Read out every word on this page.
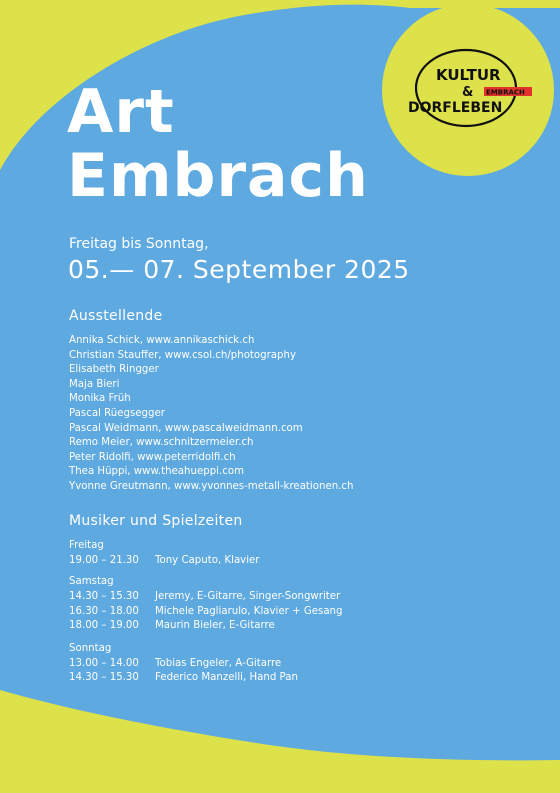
KULTUR
& EMBRACH
DORFLEBEN
Art
Embrach
Freitag bis Sonntag,
05.— 07. September 2025
Ausstellende
Annika Schick, www.annikaschick.ch
Christian Stauffer, www.csol.ch/photography
Elisabeth Ringger
Maja Bieri
Monika Früh
Pascal Rüegsegger
Pascal Weidmann, www.pascalweidmann.com
Remo Meier, www.schnitzermeier.ch
Peter Ridolfi, www.peterridolfi.ch
Thea Hüppi, www.theahueppi.com
Yvonne Greutmann, www.yvonnes-metall-kreationen.ch
Musiker und Spielzeiten
Freitag
19.00 – 21.30 Tony Caputo, Klavier
Samstag
14.30 – 15.30 Jeremy, E-Gitarre, Singer-Songwriter
16.30 – 18.00 Michele Pagliarulo, Klavier + Gesang
18.00 – 19.00 Maurin Bieler, E-Gitarre
Sonntag
13.00 – 14.00 Tobias Engeler, A-Gitarre
14.30 – 15.30 Federico Manzelli, Hand Pan
